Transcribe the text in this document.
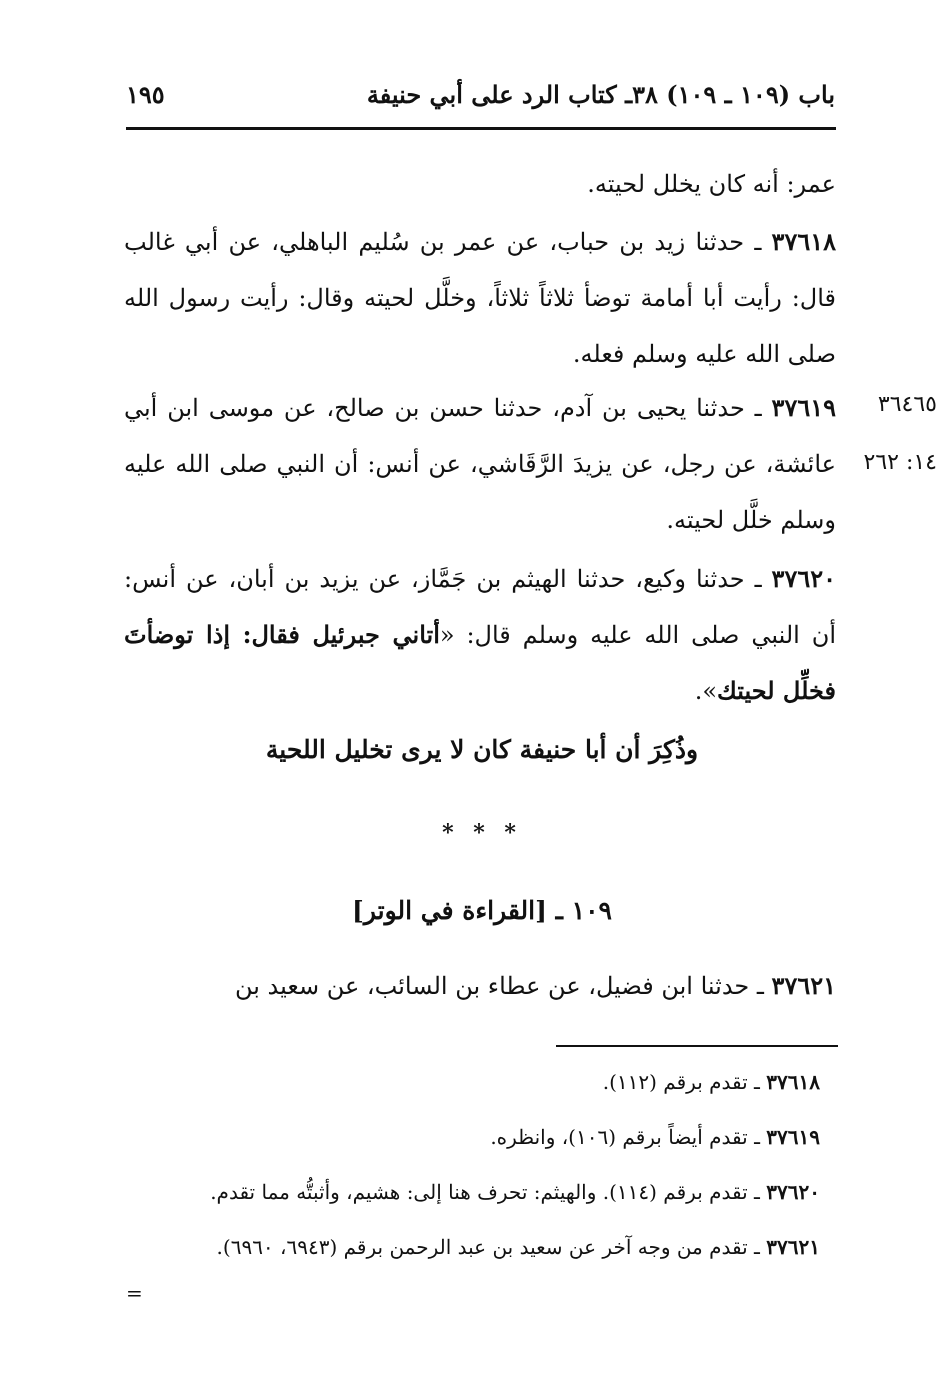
باب (١٠٩ ـ ١٠٩) ٣٨ـ كتاب الرد على أبي حنيفة
١٩٥
عمر: أنه كان يخلل لحيته.
٣٧٦١٨ ـ حدثنا زيد بن حباب، عن عمر بن سُليم الباهلي، عن أبي غالب قال: رأيت أبا أمامة توضأ ثلاثاً ثلاثاً، وخلَّل لحيته وقال: رأيت رسول الله صلى الله عليه وسلم فعله.
٣٧٦١٩ ـ حدثنا يحيى بن آدم، حدثنا حسن بن صالح، عن موسى ابن أبي عائشة، عن رجل، عن يزيدَ الرَّقَاشي، عن أنس: أن النبي صلى الله عليه وسلم خلَّل لحيته.
٣٦٤٦٥
١٤: ٢٦٢
٣٧٦٢٠ ـ حدثنا وكيع، حدثنا الهيثم بن جَمَّاز، عن يزيد بن أبان، عن أنس: أن النبي صلى الله عليه وسلم قال: «أتاني جبرئيل فقال: إذا توضأتَ فخلِّل لحيتك».
وذُكِرَ أن أبا حنيفة كان لا يرى تخليل اللحية
* * *
١٠٩ ـ [القراءة في الوتر]
٣٧٦٢١ ـ حدثنا ابن فضيل، عن عطاء بن السائب، عن سعيد بن
٣٧٦١٨ ـ تقدم برقم (١١٢).
٣٧٦١٩ ـ تقدم أيضاً برقم (١٠٦)، وانظره.
٣٧٦٢٠ ـ تقدم برقم (١١٤). والهيثم: تحرف هنا إلى: هشيم، وأثبتُّه مما تقدم.
٣٧٦٢١ ـ تقدم من وجه آخر عن سعيد بن عبد الرحمن برقم (٦٩٤٣، ٦٩٦٠).
=
